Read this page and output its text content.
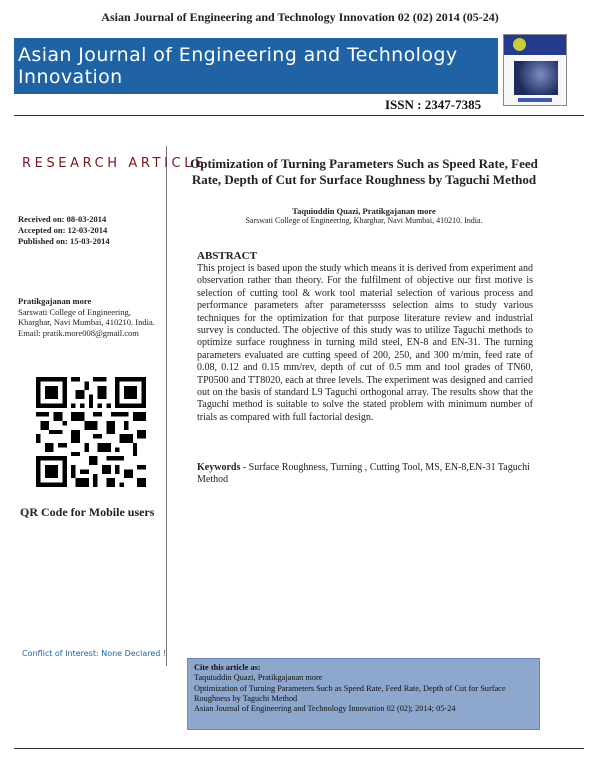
Asian Journal of Engineering and Technology Innovation 02 (02) 2014 (05-24)
Asian Journal of Engineering and Technology Innovation
ISSN : 2347-7385
RESEARCH ARTICLE
Received on: 08-03-2014
Accepted on: 12-03-2014
Published on: 15-03-2014
Pratikgajanan more
Sarswati College of Engineering, Kharghar, Navi Mumbai, 410210. India.
Email: pratik.more008@gmail.com
QR Code for Mobile users
Conflict of Interest: None Declared !
Optimization of Turning Parameters Such as Speed Rate, Feed Rate, Depth of Cut for Surface Roughness by Taguchi Method
Taquiuddin Quazi, Pratikgajanan more
Sarswati College of Engineering, Kharghar, Navi Mumbai, 410210. India.
ABSTRACT
This project is based upon the study which means it is derived from experiment and observation rather than theory. For the fulfilment of objective our first motive is selection of cutting tool & work tool material selection of various process and performance parameters after parameterssss selection aims to study various techniques for the optimization for that purpose literature review and industrial survey is conducted. The objective of this study was to utilize Taguchi methods to optimize surface roughness in turning mild steel, EN-8 and EN-31. The turning parameters evaluated are cutting speed of 200, 250, and 300 m/min, feed rate of 0.08, 0.12 and 0.15 mm/rev, depth of cut of 0.5 mm and tool grades of TN60, TP0500 and TT8020, each at three levels. The experiment was designed and carried out on the basis of standard L9 Taguchi orthogonal array. The results show that the Taguchi method is suitable to solve the stated problem with minimum number of trials as compared with full factorial design.
Keywords - Surface Roughness, Turning , Cutting Tool, MS, EN-8,EN-31 Taguchi Method
Cite this article as:
Taquiuddin Quazi, Pratikgajanan more
Optimization of Turning Parameters Such as Speed Rate, Feed Rate, Depth of Cut for Surface Roughness by Taguchi Method
Asian Journal of Engineering and Technology Innovation 02 (02); 2014; 05-24
